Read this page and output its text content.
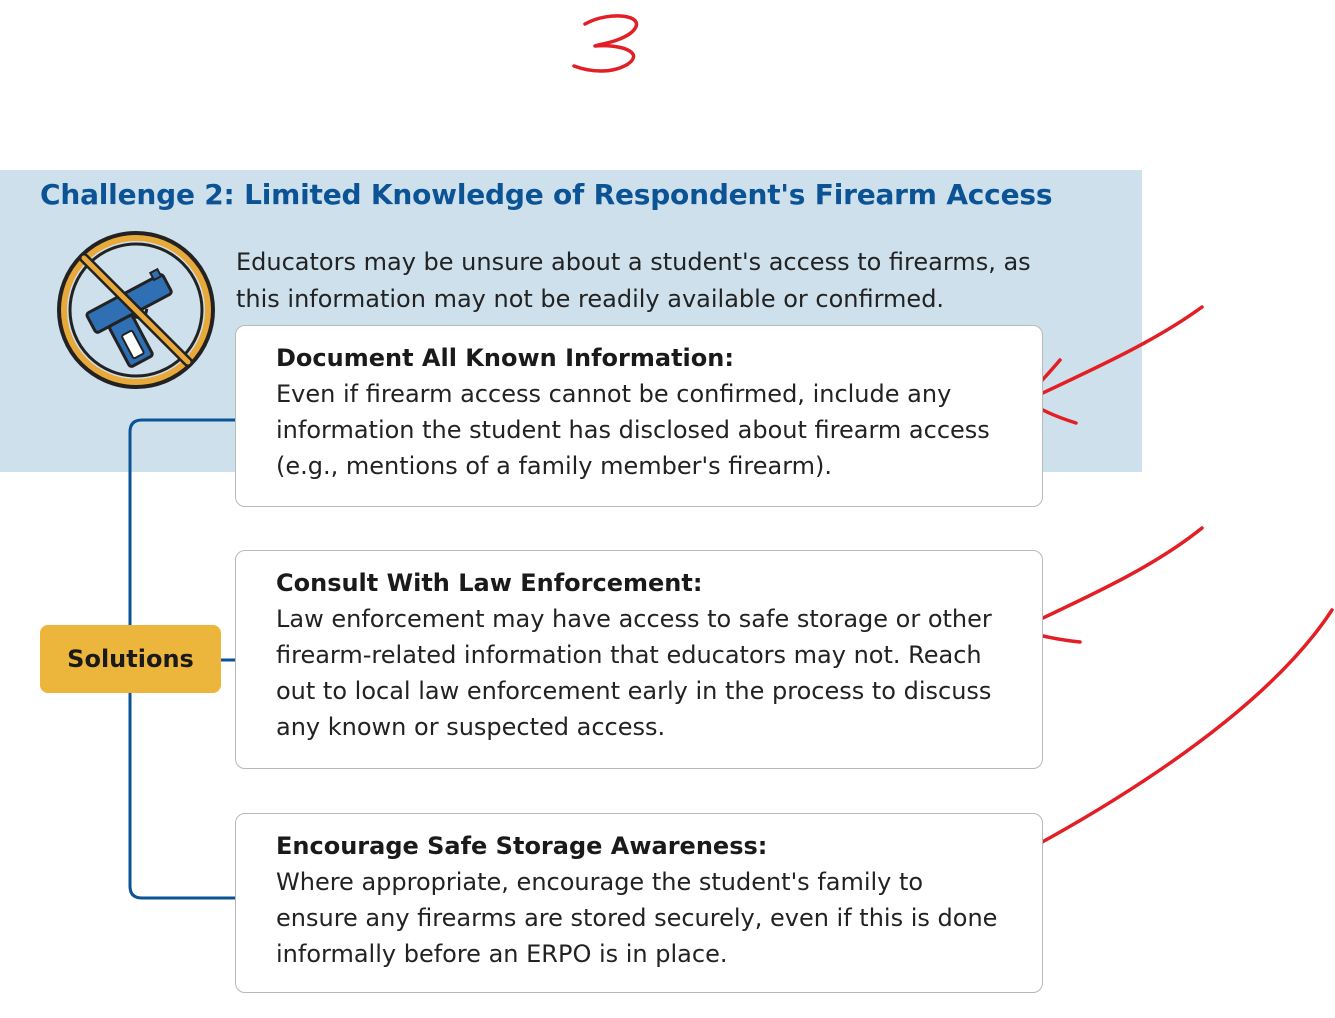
Challenge 2: Limited Knowledge of Respondent's Firearm Access

Educators may be unsure about a student's access to firearms, as this information may not be readily available or confirmed.

Solutions

Document All Known Information:

Even if firearm access cannot be confirmed, include any information the student has disclosed about firearm access (e.g., mentions of a family member's firearm).

Consult With Law Enforcement:

Law enforcement may have access to safe storage or other firearm-related information that educators may not. Reach out to local law enforcement early in the process to discuss any known or suspected access.

Encourage Safe Storage Awareness:

Where appropriate, encourage the student's family to ensure any firearms are stored securely, even if this is done informally before an ERPO is in place.
